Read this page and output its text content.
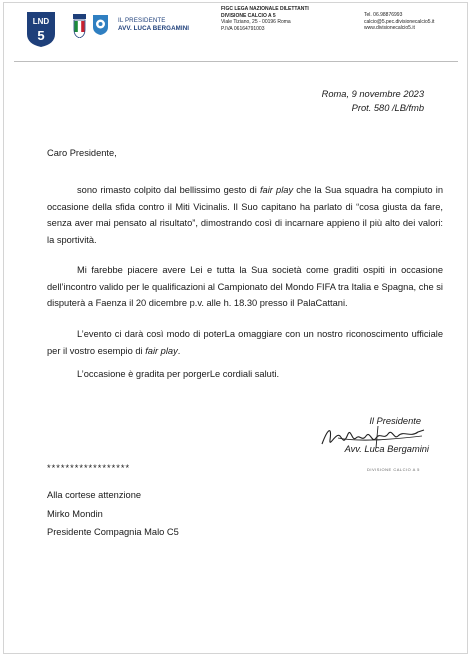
LND
5
IL PRESIDENTE
AVV. LUCA BERGAMINI
FIGC LEGA NAZIONALE DILETTANTI
DIVISIONE CALCIO A 5
Viale Tiziano, 25 - 00196 Roma
P.IVA 06164791003
Tel. 06.98876993
calcio@5.pec.divisionecalcio5.it
www.divisionecalcio5.it
Roma, 9 novembre 2023
Prot. 580 /LB/fmb
Caro Presidente,
sono rimasto colpito dal bellissimo gesto di fair play che la Sua squadra ha compiuto in occasione della sfida contro il Miti Vicinalis. Il Suo capitano ha parlato di “cosa giusta da fare, senza aver mai pensato al risultato”, dimostrando così di incarnare appieno il più alto dei valori: la sportività.
Mi farebbe piacere avere Lei e tutta la Sua società come graditi ospiti in occasione dell’incontro valido per le qualificazioni al Campionato del Mondo FIFA tra Italia e Spagna, che si disputerà a Faenza il 20 dicembre p.v. alle h. 18.30 presso il PalaCattani.
L’evento ci darà così modo di poterLa omaggiare con un nostro riconoscimento ufficiale per il vostro esempio di fair play.
L’occasione è gradita per porgerLe cordiali saluti.
Il Presidente
Avv. Luca Bergamini
DIVISIONE CALCIO A 5
******************
Alla cortese attenzione
Mirko Mondin
Presidente Compagnia Malo C5
